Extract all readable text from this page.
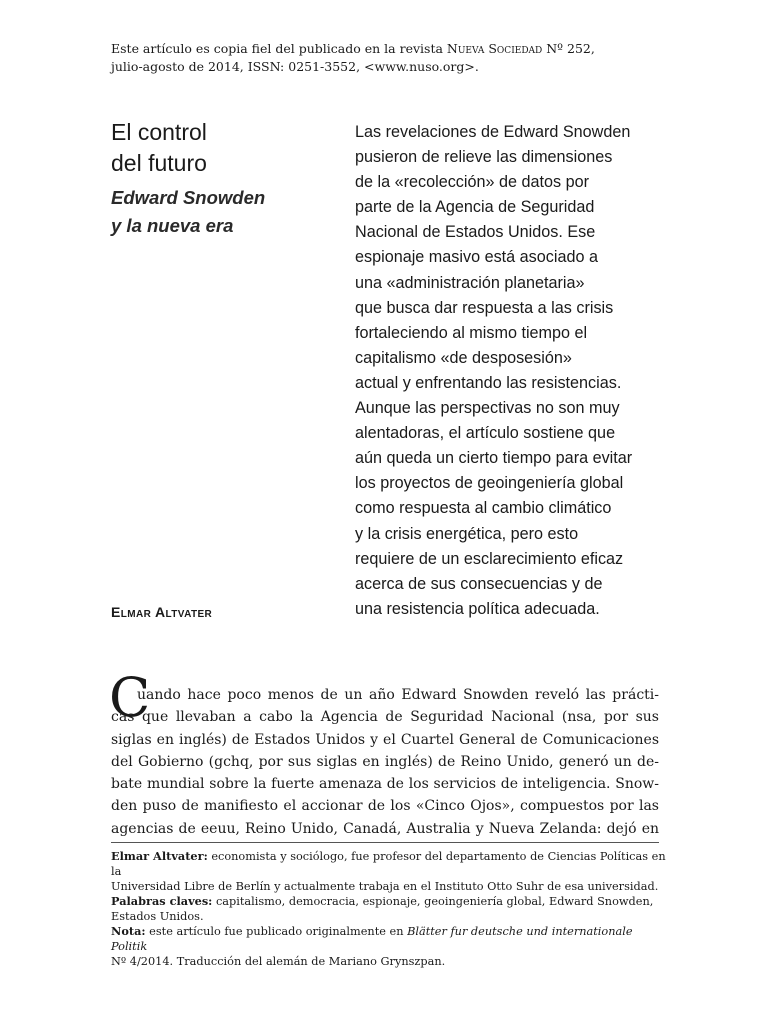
Este artículo es copia fiel del publicado en la revista Nueva Sociedad Nº 252,
julio-agosto de 2014, ISSN: 0251-3552, <www.nuso.org>.

El control
del futuro
Edward Snowden
y la nueva era
Las revelaciones de Edward Snowden
pusieron de relieve las dimensiones
de la «recolección» de datos por
parte de la Agencia de Seguridad
Nacional de Estados Unidos. Ese
espionaje masivo está asociado a
una «administración planetaria»
que busca dar respuesta a las crisis
fortaleciendo al mismo tiempo el
capitalismo «de desposesión»
actual y enfrentando las resistencias.
Aunque las perspectivas no son muy
alentadoras, el artículo sostiene que
aún queda un cierto tiempo para evitar
los proyectos de geoingeniería global
como respuesta al cambio climático
y la crisis energética, pero esto
requiere de un esclarecimiento eficaz
acerca de sus consecuencias y de
una resistencia política adecuada.

Elmar Altvater

C
uando hace poco menos de un año Edward Snowden reveló las prácti-
cas que llevaban a cabo la Agencia de Seguridad Nacional (nsa, por sus
siglas en inglés) de Estados Unidos y el Cuartel General de Comunicaciones
del Gobierno (gchq, por sus siglas en inglés) de Reino Unido, generó un de-
bate mundial sobre la fuerte amenaza de los servicios de inteligencia. Snow-
den puso de manifiesto el accionar de los «Cinco Ojos», compuestos por las
agencias de eeuu, Reino Unido, Canadá, Australia y Nueva Zelanda: dejó en
Elmar Altvater: economista y sociólogo, fue profesor del departamento de Ciencias Políticas en la
Universidad Libre de Berlín y actualmente trabaja en el Instituto Otto Suhr de esa universidad.
Palabras claves: capitalismo, democracia, espionaje, geoingeniería global, Edward Snowden,
Estados Unidos.
Nota: este artículo fue publicado originalmente en Blätter fur deutsche und internationale Politik
Nº 4/2014. Traducción del alemán de Mariano Grynszpan.
